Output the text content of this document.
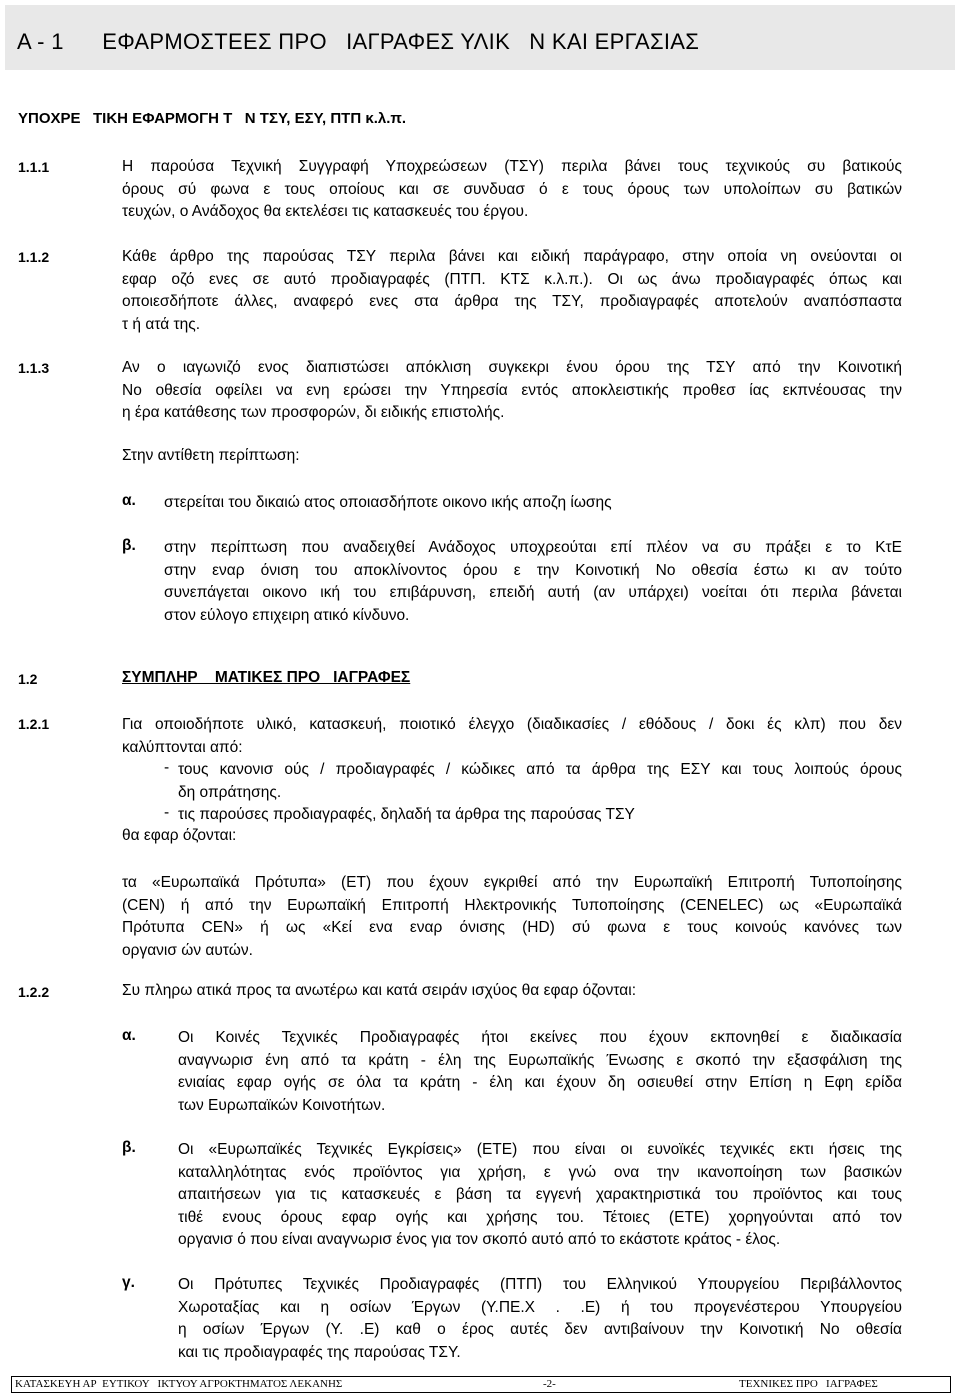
Α - 1      ΕΦΑΡΜΟΣΤΕΕΣ ΠΡΟ   ΙΑΓΡΑΦΕΣ ΥΛΙΚ   Ν ΚΑΙ ΕΡΓΑΣΙΑΣ
ΥΠΟΧΡΕ   ΤΙΚΗ ΕΦΑΡΜΟΓΗ Τ   Ν ΤΣΥ, ΕΣΥ, ΠΤΠ κ.λ.π.
1.1.1	Η παρούσα Τεχνική Συγγραφή Υποχρεώσεων (ΤΣΥ) περιλα βάνει τους τεχνικούς συ βατικούς
όρους σύ φωνα ε τους οποίους και σε συνδυασ ό ε τους όρους των υπολοίπων συ βατικών
τευχών, ο Ανάδοχος θα εκτελέσει τις κατασκευές του έργου.
1.1.2	Κάθε άρθρο της παρούσας ΤΣΥ περιλα βάνει και ειδική παράγραφο, στην οποία νη ονεύονται οι
εφαρ οζό ενες σε αυτό προδιαγραφές (ΠΤΠ. ΚΤΣ κ.λ.π.). Οι ως άνω προδιαγραφές όπως και
οποιεσδήποτε άλλες, αναφερό ενες στα άρθρα της ΤΣΥ, προδιαγραφές αποτελούν αναπόσπαστα
τ ή ατά της.
1.1.3	Αν ο ιαγωνιζό ενος διαπιστώσει απόκλιση συγκεκρι ένου όρου της ΤΣΥ από την Κοινοτική
Νο οθεσία οφείλει να ενη ερώσει την Υπηρεσία εντός αποκλειστικής προθεσ ίας εκπνέουσας την
η έρα κατάθεσης των προσφορών, δι ειδικής επιστολής.
Στην αντίθετη περίπτωση:
α. στερείται του δικαιώ ατος οποιασδήποτε οικονο ικής αποζη ίωσης
β. στην περίπτωση που αναδειχθεί Ανάδοχος υποχρεούται επί πλέον να συ πράξει ε το ΚτΕ
στην εναρ όνιση του αποκλίνοντος όρου ε την Κοινοτική Νο οθεσία έστω κι αν τούτο
συνεπάγεται οικονο ική του επιβάρυνση, επειδή αυτή (αν υπάρχει) νοείται ότι περιλα βάνεται
στον εύλογο επιχειρη ατικό κίνδυνο.
1.2	ΣΥΜΠΛΗΡ    ΜΑΤΙΚΕΣ ΠΡΟ   ΙΑΓΡΑΦΕΣ
1.2.1	Για οποιοδήποτε υλικό, κατασκευή, ποιοτικό έλεγχο (διαδικασίες / εθόδους / δοκι ές κλπ) που δεν
καλύπτονται από:
- τους κανονισ ούς / προδιαγραφές / κώδικες από τα άρθρα της ΕΣΥ και τους λοιπούς όρους
δη οπράτησης.
- τις παρούσες προδιαγραφές, δηλαδή τα άρθρα της παρούσας ΤΣΥ
θα εφαρ όζονται:
τα «Ευρωπαϊκά Πρότυπα» (ΕΤ) που έχουν εγκριθεί από την Ευρωπαϊκή Επιτροπή Τυποποίησης
(CEN) ή από την Ευρωπαϊκή Επιτροπή Ηλεκτρονικής Τυποποίησης (CENELEC) ως «Ευρωπαϊκά
Πρότυπα CEN» ή ως «Κεί ενα εναρ όνισης (HD) σύ φωνα ε τους κοινούς κανόνες των
οργανισ ών αυτών.
1.2.2	Συ πληρω ατικά προς τα ανωτέρω και κατά σειράν ισχύος θα εφαρ όζονται:
α.	Οι Κοινές Τεχνικές Προδιαγραφές ήτοι εκείνες που έχουν εκπονηθεί ε διαδικασία
αναγνωρισ ένη από τα κράτη - έλη της Ευρωπαϊκής Ένωσης ε σκοπό την εξασφάλιση της
ενιαίας εφαρ ογής σε όλα τα κράτη - έλη και έχουν δη οσιευθεί στην Επίση η Εφη ερίδα
των Ευρωπαϊκών Κοινοτήτων.
β.	Οι «Ευρωπαϊκές Τεχνικές Εγκρίσεις» (ΕΤΕ) που είναι οι ευνοϊκές τεχνικές εκτι ήσεις της
καταλληλότητας ενός προϊόντος για χρήση, ε γνώ ονα την ικανοποίηση των βασικών
απαιτήσεων για τις κατασκευές ε βάση τα εγγενή χαρακτηριστικά του προϊόντος και τους
τιθέ ενους όρους εφαρ ογής και χρήσης του. Τέτοιες (ΕΤΕ) χορηγούνται από τον
οργανισ ό που είναι αναγνωρισ ένος για τον σκοπό αυτό από το εκάστοτε κράτος - έλος.
γ.	Οι Πρότυπες Τεχνικές Προδιαγραφές (ΠΤΠ) του Ελληνικού Υπουργείου Περιβάλλοντος
Χωροταξίας και η οσίων Έργων (Υ.ΠΕ.Χ . .Ε) ή του προγενέστερου Υπουργείου
η οσίων Έργων (Υ. .Ε) καθ ο έρος αυτές δεν αντιβαίνουν την Κοινοτική Νο οθεσία
και τις προδιαγραφές της παρούσας ΤΣΥ.
ΚΑΤΑΣΚΕΥΗ ΑΡ  ΕΥΤΙΚΟΥ   ΙΚΤΥΟΥ ΑΓΡΟΚΤΗΜΑΤΟΣ ΛΕΚΑΝΗΣ	-2-	ΤΕΧΝΙΚΕΣ ΠΡΟ   ΙΑΓΡΑΦΕΣ
